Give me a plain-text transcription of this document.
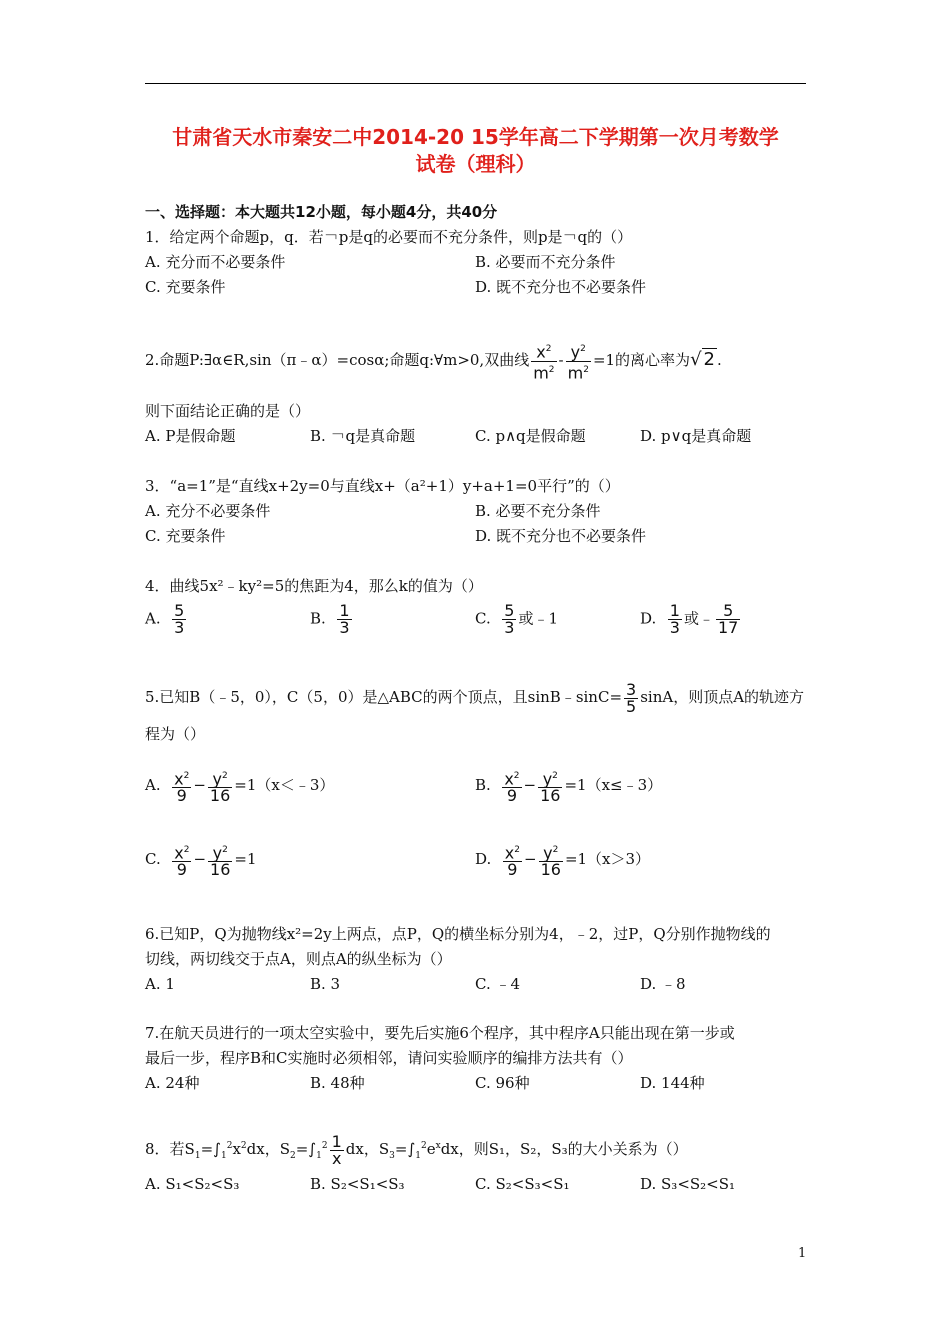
甘肃省天水市秦安二中2014-20 15学年高二下学期第一次月考数学
试卷（理科）
一、选择题：本大题共12小题，每小题4分，共40分
1．给定两个命题p，q．若￢p是q的必要而不充分条件，则p是￢q的（）
A. 充分而不必要条件	B. 必要而不充分条件
C. 充要条件	D. 既不充分也不必要条件
2.命题P:∃α∈R,sin（π﹣α）=cosα;命题q:∀m>0,双曲线 $\frac{x^2}{m^2} - \frac{y^2}{m^2} =1$的离心率为√ 2 .
则下面结论正确的是（）
A. P是假命题	B. ￢q是真命题	C. p∧q是假命题	D. p∨q是真命题
3．“a=1”是“直线x+2y=0与直线x+（a²+1）y+a+1=0平行”的（）
A. 充分不必要条件	B. 必要不充分条件
C. 充要条件	D. 既不充分也不必要条件
4．曲线5x²﹣ky²=5的焦距为4，那么k的值为（）
A. $\frac{5}{3}$	B. $\frac{1}{3}$	C. $\frac{5}{3}$ 或﹣1	D. $\frac{1}{3}$ 或﹣ $\frac{5}{17}$
5.已知B（﹣5，0），C（5，0）是△ABC的两个顶点，且sinB﹣sinC= $\frac{3}{5}$ sinA，则顶点A的轨迹方
程为（）
A. $\frac{x^2}{9} - \frac{y^2}{16}$ =1（x＜﹣3）	B. $\frac{x^2}{9} - \frac{y^2}{16}$ =1（x≤﹣3）
C. $\frac{x^2}{9} - \frac{y^2}{16} =1$	D. $\frac{x^2}{9} - \frac{y^2}{16} =1(x>3)$
6.已知P，Q为抛物线x²=2y上两点，点P，Q的横坐标分别为4，﹣2，过P，Q分别作抛物线的
切线，两切线交于点A，则点A的纵坐标为（）
A. 1	B. 3	C. ﹣4	D. ﹣8
7.在航天员进行的一项太空实验中，要先后实施6个程序，其中程序A只能出现在第一步或
最后一步，程序B和C实施时必须相邻，请问实验顺序的编排方法共有（）
A. 24种	B. 48种	C. 96种	D. 144种
8．若$S_1=\int_1^2x^2dx$，$S_2=\int_1^2 \frac{1}{x}$ dx，$S_3=\int_1^2e^xdx$，则S₁，S₂，S₃的大小关系为（）
A. S₁<S₂<S₃	B. S₂<S₁<S₃	C. S₂<S₃<S₁	D. S₃<S₂<S₁
1
